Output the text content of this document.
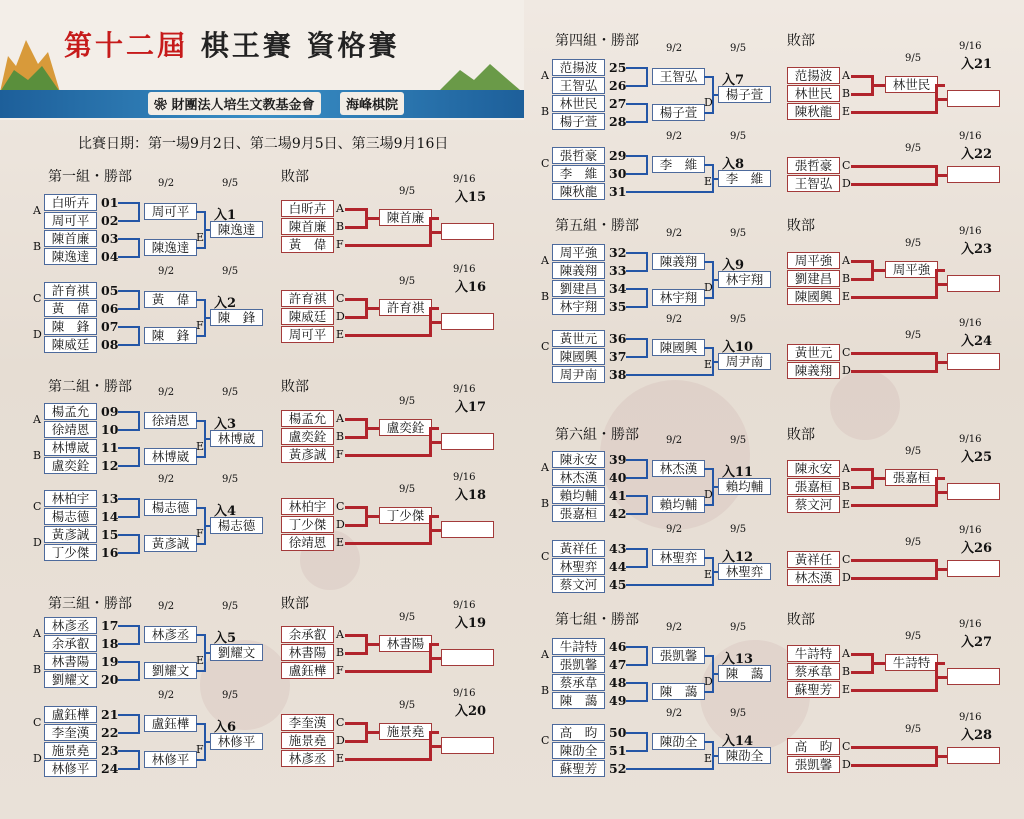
第十二屆 棋王賽 資格賽
❀ 財團法人培生文教基金會	海峰棋院
比賽日期：第一場9月2日、第二場9月5日、第三場9月16日
第一組・勝部	敗部
白昕卉 01
周可平 02
陳首廉 03
陳逸達 04
A
B
9/2	9/5
周可平
陳逸達
陳逸達
入1
E
許育祺 05
黃　偉 06
陳　鋒 07
陳威廷 08
C
D
9/2	9/5
黃　偉
陳　鋒
陳　鋒
入2
F
白昕卉 A
陳首廉 B
黃　偉 F
9/5
9/16
入15
陳首廉
許育祺 C
陳威廷 D
周可平 E
9/5
9/16
入16
許育祺
第二組・勝部	敗部
楊孟允 09
徐靖恩 10
林博崴 11
盧奕銓 12
A
B
9/2	9/5
徐靖恩
林博崴
林博崴
入3
E
林柏宇 13
楊志德 14
黃彥誠 15
丁少傑 16
C
D
9/2	9/5
楊志德
黃彥誠
楊志德
入4
F
楊孟允 A
盧奕銓 B
黃彥誠 F
9/5
9/16
入17
盧奕銓
林柏宇 C
丁少傑 D
徐靖恩 E
9/5
9/16
入18
丁少傑
第三組・勝部	敗部
林彥丞 17
余承叡 18
林書陽 19
劉耀文 20
A
B
9/2	9/5
林彥丞
劉耀文
劉耀文
入5
E
盧鈺樺 21
李奎漢 22
施景堯 23
林修平 24
C
D
9/2	9/5
盧鈺樺
林修平
林修平
入6
F
余承叡 A
林書陽 B
盧鈺樺 F
9/5
9/16
入19
林書陽
李奎漢 C
施景堯 D
林彥丞 E
9/5
9/16
入20
施景堯
第四組・勝部	敗部
范揚波 25
王智弘 26
林世民 27
楊子萱 28
A
B
9/2	9/5
王智弘
楊子萱
楊子萱
入7
D
張哲豪 29
李　維 30
陳秋龍 31
C
9/2	9/5
李　維
李　維
入8
E
范揚波 A
林世民 B
陳秋龍 E
9/5
9/16
入21
林世民
張哲豪 C
王智弘 D
9/5
9/16
入22
第五組・勝部	敗部
周平強 32
陳義翔 33
劉建昌 34
林宇翔 35
A
B
9/2	9/5
陳義翔
林宇翔
林宇翔
入9
D
黃世元 36
陳國興 37
周尹南 38
C
9/2	9/5
陳國興
周尹南
入10
E
周平強 A
劉建昌 B
陳國興 E
9/5
9/16
入23
周平強
黃世元 C
陳義翔 D
9/5
9/16
入24
第六組・勝部	敗部
陳永安 39
林杰漢 40
賴均輔 41
張嘉桓 42
A
B
9/2	9/5
林杰漢
賴均輔
賴均輔
入11
D
黃祥任 43
林聖弈 44
蔡文河 45
C
9/2	9/5
林聖弈
林聖弈
入12
E
陳永安 A
張嘉桓 B
蔡文河 E
9/5
9/16
入25
張嘉桓
黃祥任 C
林杰漢 D
9/5
9/16
入26
第七組・勝部	敗部
牛詩特 46
張凱馨 47
蔡承韋 48
陳　藹 49
A
B
9/2	9/5
張凱馨
陳　藹
陳　藹
入13
D
高　昀 50
陳劭全 51
蘇聖芳 52
C
9/2	9/5
陳劭全
陳劭全
入14
E
牛詩特 A
蔡承韋 B
蘇聖芳 E
9/5
9/16
入27
牛詩特
高　昀 C
張凱馨 D
9/5
9/16
入28
